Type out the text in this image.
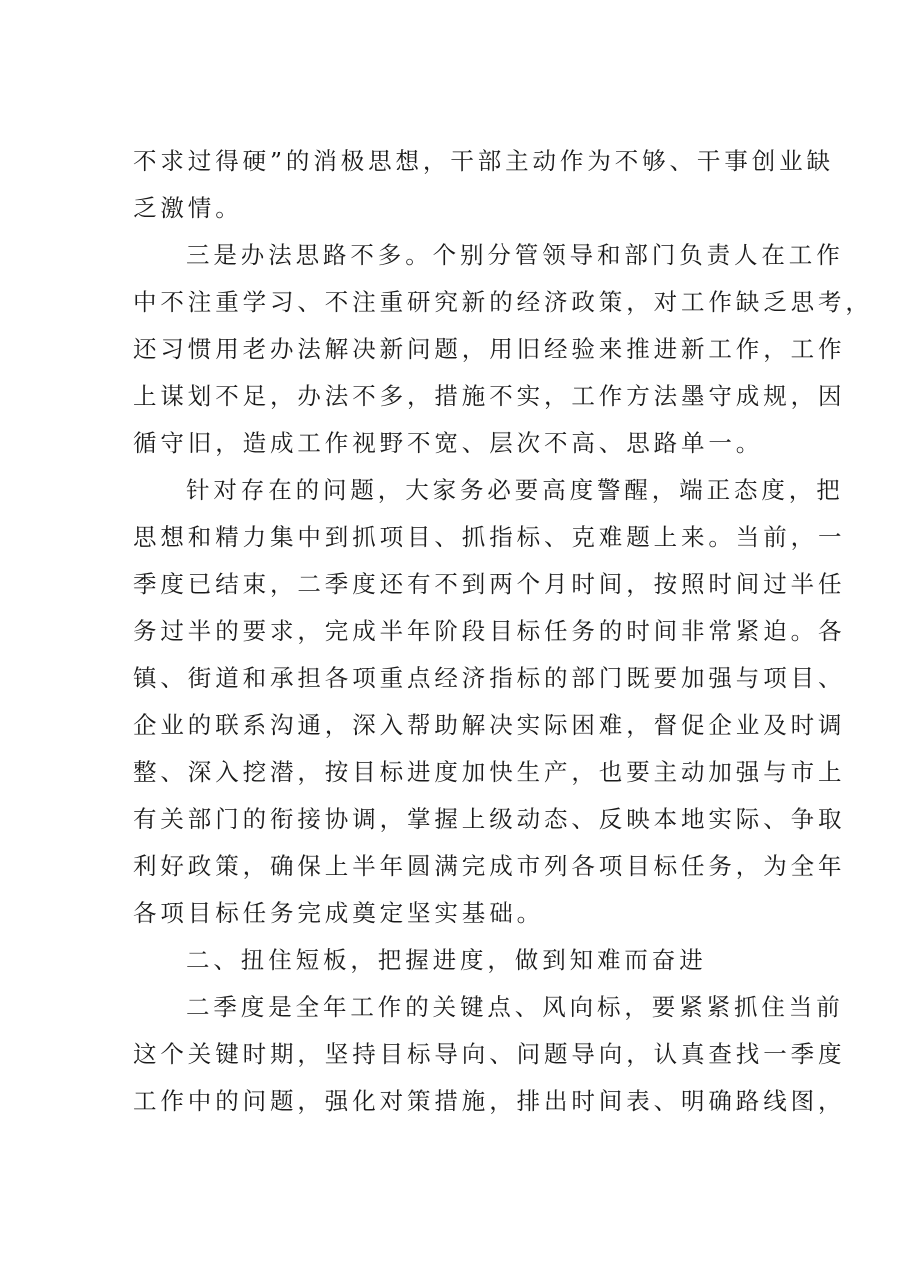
不求过得硬”的消极思想，干部主动作为不够、干事创业缺
乏激情。
三是办法思路不多。个别分管领导和部门负责人在工作
中不注重学习、不注重研究新的经济政策，对工作缺乏思考，
还习惯用老办法解决新问题，用旧经验来推进新工作，工作
上谋划不足，办法不多，措施不实，工作方法墨守成规，因
循守旧，造成工作视野不宽、层次不高、思路单一。
针对存在的问题，大家务必要高度警醒，端正态度，把
思想和精力集中到抓项目、抓指标、克难题上来。当前，一
季度已结束，二季度还有不到两个月时间，按照时间过半任
务过半的要求，完成半年阶段目标任务的时间非常紧迫。各
镇、街道和承担各项重点经济指标的部门既要加强与项目、
企业的联系沟通，深入帮助解决实际困难，督促企业及时调
整、深入挖潜，按目标进度加快生产，也要主动加强与市上
有关部门的衔接协调，掌握上级动态、反映本地实际、争取
利好政策，确保上半年圆满完成市列各项目标任务，为全年
各项目标任务完成奠定坚实基础。
二、扭住短板，把握进度，做到知难而奋进
二季度是全年工作的关键点、风向标，要紧紧抓住当前
这个关键时期，坚持目标导向、问题导向，认真查找一季度
工作中的问题，强化对策措施，排出时间表、明确路线图，
